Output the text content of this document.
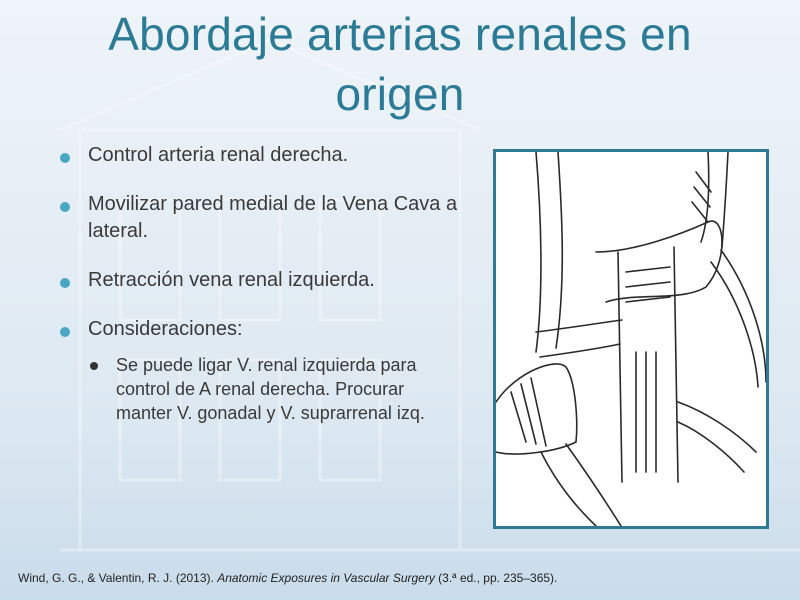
Abordaje arterias renales en origen
Control arteria renal derecha.
Movilizar pared medial de la Vena Cava a lateral.
Retracción vena renal izquierda.
Consideraciones:
Se puede ligar V. renal izquierda para control de A renal derecha. Procurar manter V. gonadal y V. suprarrenal izq.
Wind, G. G., & Valentin, R. J. (2013). Anatomic Exposures in Vascular Surgery (3.ª ed., pp. 235–365).
